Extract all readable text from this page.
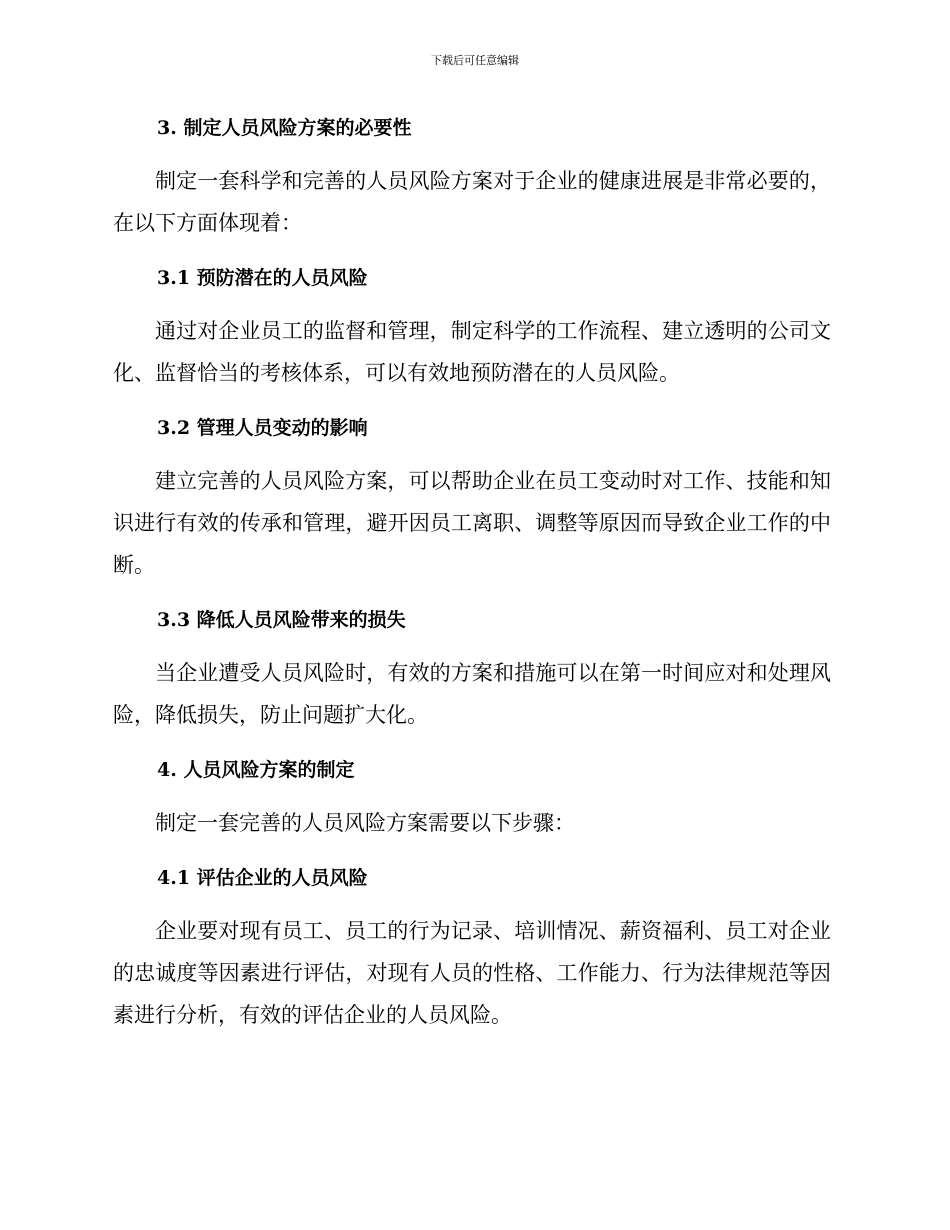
下载后可任意编辑
3. 制定人员风险方案的必要性

制定一套科学和完善的人员风险方案对于企业的健康进展是非常必要的，在以下方面体现着：

3.1 预防潜在的人员风险

通过对企业员工的监督和管理，制定科学的工作流程、建立透明的公司文化、监督恰当的考核体系，可以有效地预防潜在的人员风险。

3.2 管理人员变动的影响

建立完善的人员风险方案，可以帮助企业在员工变动时对工作、技能和知识进行有效的传承和管理，避开因员工离职、调整等原因而导致企业工作的中断。

3.3 降低人员风险带来的损失

当企业遭受人员风险时，有效的方案和措施可以在第一时间应对和处理风险，降低损失，防止问题扩大化。

4. 人员风险方案的制定

制定一套完善的人员风险方案需要以下步骤：

4.1 评估企业的人员风险

企业要对现有员工、员工的行为记录、培训情况、薪资福利、员工对企业的忠诚度等因素进行评估，对现有人员的性格、工作能力、行为法律规范等因素进行分析，有效的评估企业的人员风险。
